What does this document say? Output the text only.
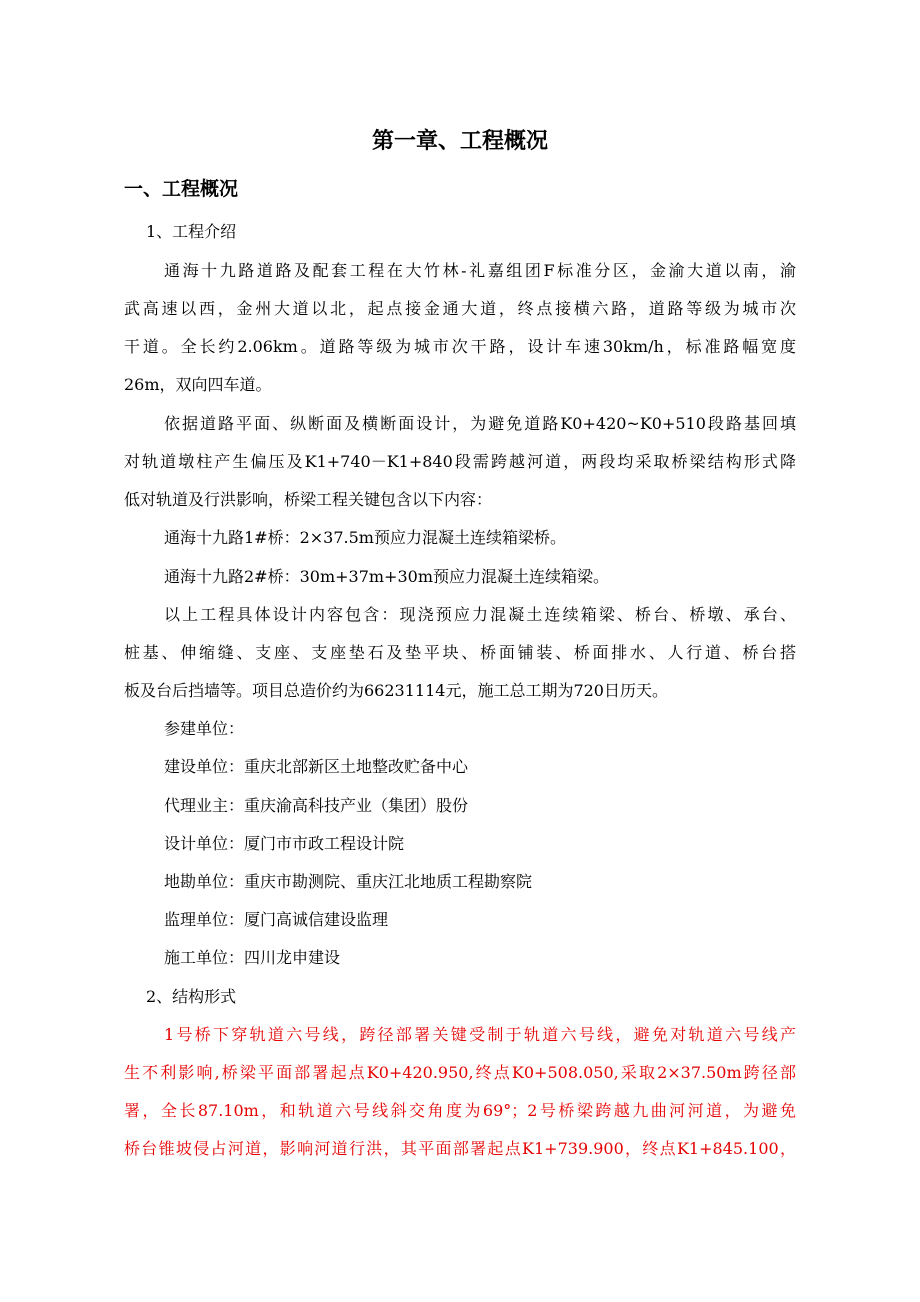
第一章、工程概况
一、工程概况

1、工程介绍

通海十九路道路及配套工程在大竹林-礼嘉组团F标准分区，金渝大道以南，渝

武高速以西，金州大道以北，起点接金通大道，终点接横六路，道路等级为城市次

干道。全长约2.06km。道路等级为城市次干路，设计车速30km/h，标准路幅宽度

26m，双向四车道。

依据道路平面、纵断面及横断面设计，为避免道路K0+420~K0+510段路基回填

对轨道墩柱产生偏压及K1+740－K1+840段需跨越河道，两段均采取桥梁结构形式降

低对轨道及行洪影响，桥梁工程关键包含以下内容：

通海十九路1#桥：2×37.5m预应力混凝土连续箱梁桥。

通海十九路2#桥：30m+37m+30m预应力混凝土连续箱梁。

以上工程具体设计内容包含：现浇预应力混凝土连续箱梁、桥台、桥墩、承台、

桩基、伸缩缝、支座、支座垫石及垫平块、桥面铺装、桥面排水、人行道、桥台搭

板及台后挡墙等。项目总造价约为66231114元，施工总工期为720日历天。

参建单位：

建设单位：重庆北部新区土地整改贮备中心

代理业主：重庆渝高科技产业（集团）股份

设计单位：厦门市市政工程设计院

地勘单位：重庆市勘测院、重庆江北地质工程勘察院

监理单位：厦门高诚信建设监理

施工单位：四川龙申建设

2、结构形式

1号桥下穿轨道六号线，跨径部署关键受制于轨道六号线，避免对轨道六号线产

生不利影响,桥梁平面部署起点K0+420.950,终点K0+508.050,采取2×37.50m跨径部

署，全长87.10m，和轨道六号线斜交角度为69°；2号桥梁跨越九曲河河道，为避免

桥台锥坡侵占河道，影响河道行洪，其平面部署起点K1+739.900，终点K1+845.100，
